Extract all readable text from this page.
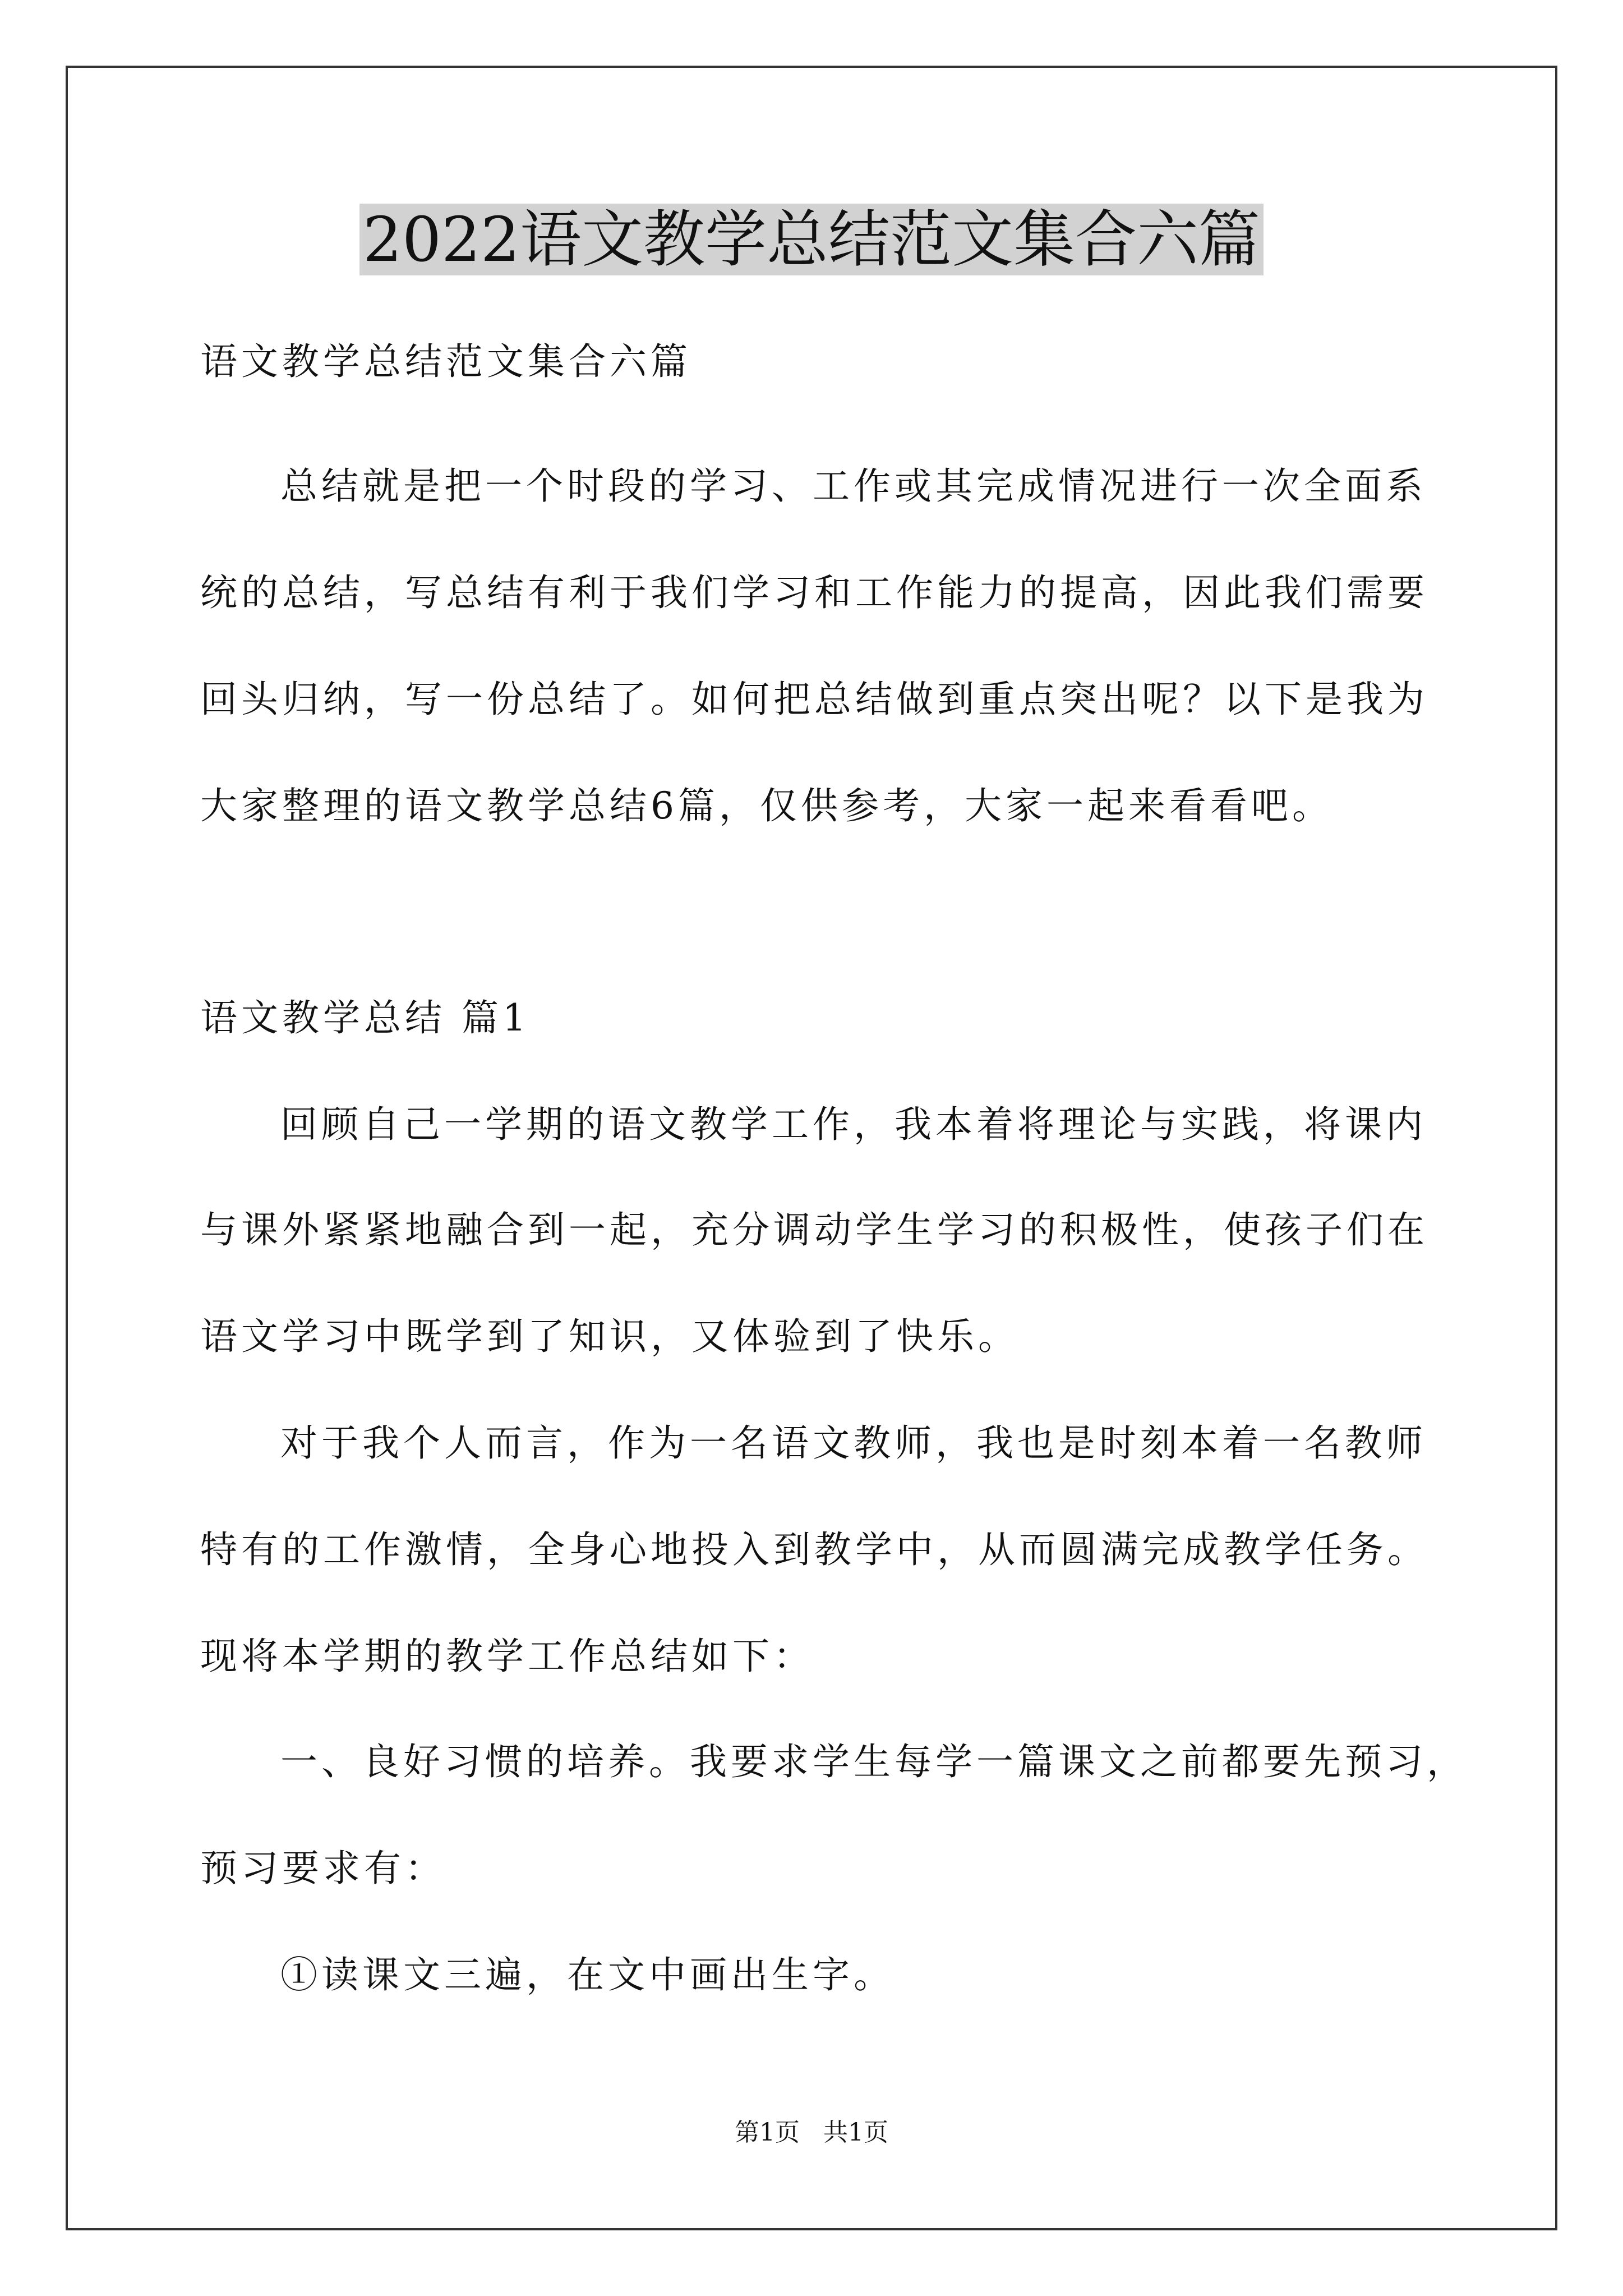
2022语文教学总结范文集合六篇
语文教学总结范文集合六篇
总结就是把一个时段的学习、工作或其完成情况进行一次全面系
统的总结，写总结有利于我们学习和工作能力的提高，因此我们需要
回头归纳，写一份总结了。如何把总结做到重点突出呢？以下是我为
大家整理的语文教学总结6篇，仅供参考，大家一起来看看吧。
语文教学总结 篇1
回顾自己一学期的语文教学工作，我本着将理论与实践，将课内
与课外紧紧地融合到一起，充分调动学生学习的积极性，使孩子们在
语文学习中既学到了知识，又体验到了快乐。
对于我个人而言，作为一名语文教师，我也是时刻本着一名教师
特有的工作激情，全身心地投入到教学中，从而圆满完成教学任务。
现将本学期的教学工作总结如下：
一、良好习惯的培养。我要求学生每学一篇课文之前都要先预习，
预习要求有：
①读课文三遍，在文中画出生字。
第1页   共1页
